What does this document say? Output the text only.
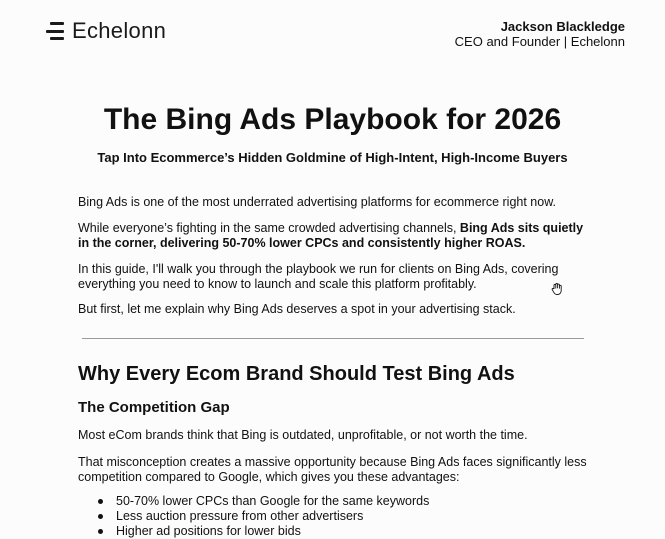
Echelonn	Jackson Blackledge
CEO and Founder | Echelonn
The Bing Ads Playbook for 2026

Tap Into Ecommerce’s Hidden Goldmine of High-Intent, High-Income Buyers

Bing Ads is one of the most underrated advertising platforms for ecommerce right now.

While everyone’s fighting in the same crowded advertising channels, Bing Ads sits quietly in the corner, delivering 50-70% lower CPCs and consistently higher ROAS.

In this guide, I'll walk you through the playbook we run for clients on Bing Ads, covering everything you need to know to launch and scale this platform profitably.

But first, let me explain why Bing Ads deserves a spot in your advertising stack.

Why Every Ecom Brand Should Test Bing Ads
The Competition Gap

Most eCom brands think that Bing is outdated, unprofitable, or not worth the time.

That misconception creates a massive opportunity because Bing Ads faces significantly less competition compared to Google, which gives you these advantages:

50-70% lower CPCs than Google for the same keywords
Less auction pressure from other advertisers
Higher ad positions for lower bids
